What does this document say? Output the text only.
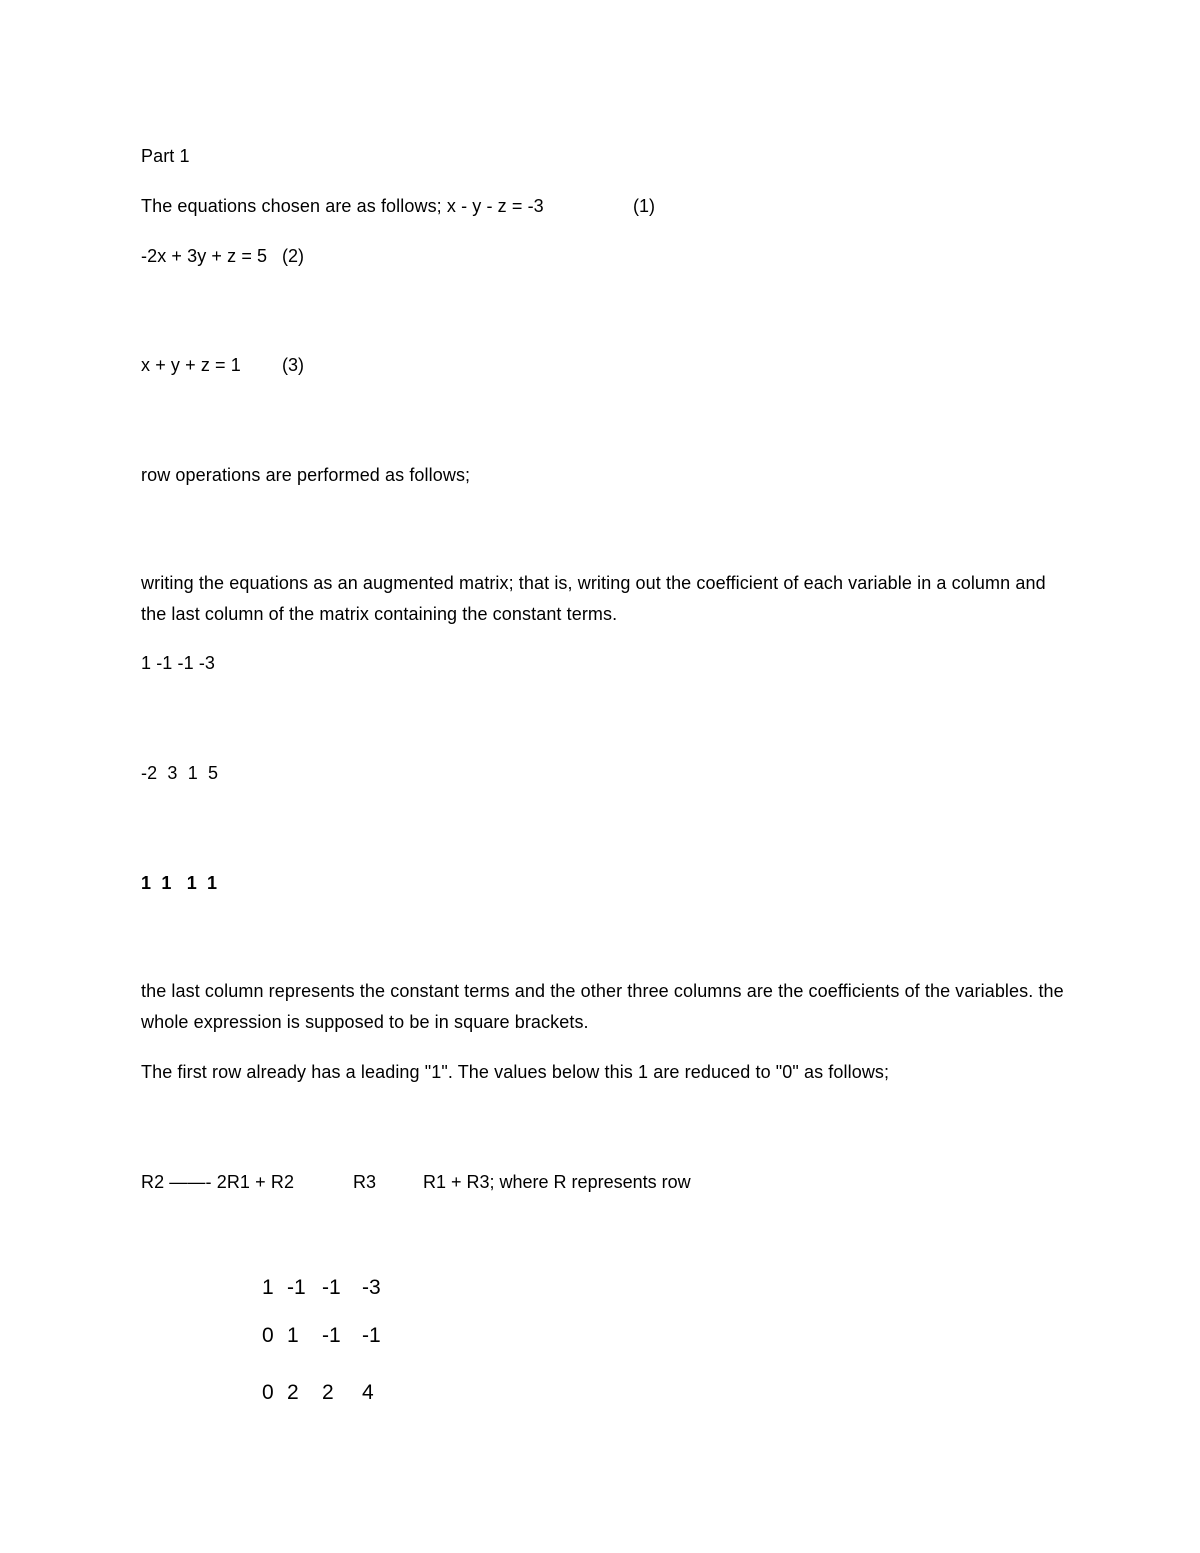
Part 1
The equations chosen are as follows; x - y - z = -3	(1)
-2x + 3y + z = 5 (2)
x + y + z = 1 (3)
row operations are performed as follows;
writing the equations as an augmented matrix; that is, writing out the coefficient of each variable in a column and the last column of the matrix containing the constant terms.
1 -1 -1 -3
-2  3  1  5
1  1   1  1
the last column represents the constant terms and the other three columns are the coefficients of the variables. the whole expression is supposed to be in square brackets.
The first row already has a leading "1". The values below this 1 are reduced to "0" as follows;
R2 ——- 2R1 + R2	R3	R1 + R3; where R represents row
1 -1 -1 -3
0 1 -1 -1
0 2 2 4
